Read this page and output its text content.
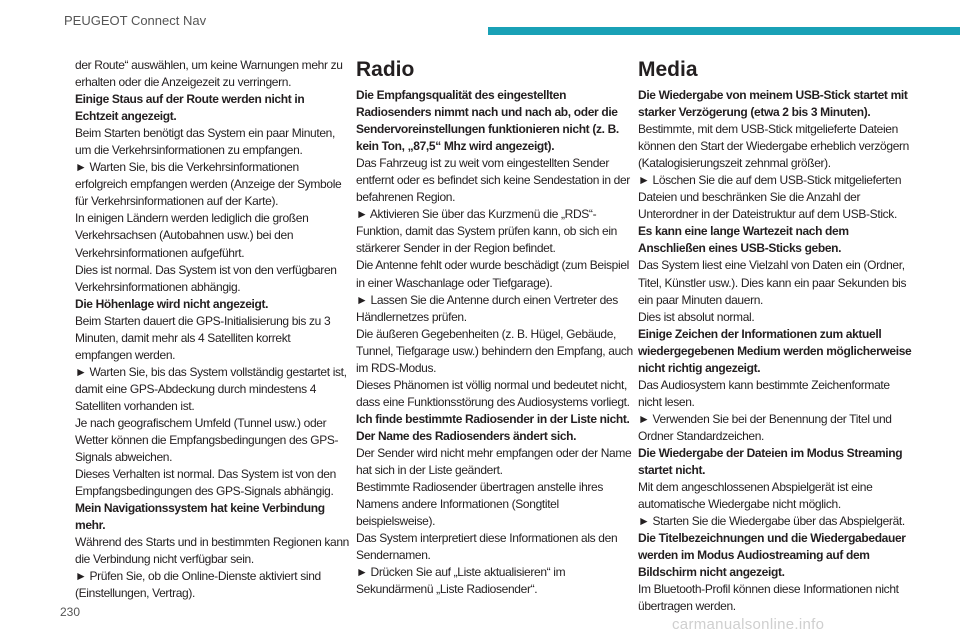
PEUGEOT Connect Nav

der Route“ auswählen, um keine Warnungen mehr zu erhalten oder die Anzeigezeit zu verringern.

Einige Staus auf der Route werden nicht in Echtzeit angezeigt.

Beim Starten benötigt das System ein paar Minuten, um die Verkehrsinformationen zu empfangen.

► Warten Sie, bis die Verkehrsinformationen erfolgreich empfangen werden (Anzeige der Symbole für Verkehrsinformationen auf der Karte).

In einigen Ländern werden lediglich die großen Verkehrsachsen (Autobahnen usw.) bei den Verkehrsinformationen aufgeführt.

Dies ist normal. Das System ist von den verfügbaren Verkehrsinformationen abhängig.

Die Höhenlage wird nicht angezeigt.

Beim Starten dauert die GPS-Initialisierung bis zu 3 Minuten, damit mehr als 4 Satelliten korrekt empfangen werden.

► Warten Sie, bis das System vollständig gestartet ist, damit eine GPS-Abdeckung durch mindestens 4 Satelliten vorhanden ist.

Je nach geografischem Umfeld (Tunnel usw.) oder Wetter können die Empfangsbedingungen des GPS-Signals abweichen.

Dieses Verhalten ist normal. Das System ist von den Empfangsbedingungen des GPS-Signals abhängig.

Mein Navigationssystem hat keine Verbindung mehr.

Während des Starts und in bestimmten Regionen kann die Verbindung nicht verfügbar sein.

► Prüfen Sie, ob die Online-Dienste aktiviert sind (Einstellungen, Vertrag).

Radio

Die Empfangsqualität des eingestellten Radiosenders nimmt nach und nach ab, oder die Sendervoreinstellungen funktionieren nicht (z. B. kein Ton, „87,5“ Mhz wird angezeigt).

Das Fahrzeug ist zu weit vom eingestellten Sender entfernt oder es befindet sich keine Sendestation in der befahrenen Region.

► Aktivieren Sie über das Kurzmenü die „RDS“-Funktion, damit das System prüfen kann, ob sich ein stärkerer Sender in der Region befindet.

Die Antenne fehlt oder wurde beschädigt (zum Beispiel in einer Waschanlage oder Tiefgarage).

► Lassen Sie die Antenne durch einen Vertreter des Händlernetzes prüfen.

Die äußeren Gegebenheiten (z. B. Hügel, Gebäude, Tunnel, Tiefgarage usw.) behindern den Empfang, auch im RDS-Modus.

Dieses Phänomen ist völlig normal und bedeutet nicht, dass eine Funktionsstörung des Audiosystems vorliegt.

Ich finde bestimmte Radiosender in der Liste nicht. Der Name des Radiosenders ändert sich.

Der Sender wird nicht mehr empfangen oder der Name hat sich in der Liste geändert.

Bestimmte Radiosender übertragen anstelle ihres Namens andere Informationen (Songtitel beispielsweise).

Das System interpretiert diese Informationen als den Sendernamen.

► Drücken Sie auf „Liste aktualisieren“ im Sekundärmenü „Liste Radiosender“.

Media

Die Wiedergabe von meinem USB-Stick startet mit starker Verzögerung (etwa 2 bis 3 Minuten).

Bestimmte, mit dem USB-Stick mitgelieferte Dateien können den Start der Wiedergabe erheblich verzögern (Katalogisierungszeit zehnmal größer).

► Löschen Sie die auf dem USB-Stick mitgelieferten Dateien und beschränken Sie die Anzahl der Unterordner in der Dateistruktur auf dem USB-Stick.

Es kann eine lange Wartezeit nach dem Anschließen eines USB-Sticks geben.

Das System liest eine Vielzahl von Daten ein (Ordner, Titel, Künstler usw.). Dies kann ein paar Sekunden bis ein paar Minuten dauern.

Dies ist absolut normal.

Einige Zeichen der Informationen zum aktuell wiedergegebenen Medium werden möglicherweise nicht richtig angezeigt.

Das Audiosystem kann bestimmte Zeichenformate nicht lesen.

► Verwenden Sie bei der Benennung der Titel und Ordner Standardzeichen.

Die Wiedergabe der Dateien im Modus Streaming startet nicht.

Mit dem angeschlossenen Abspielgerät ist eine automatische Wiedergabe nicht möglich.

► Starten Sie die Wiedergabe über das Abspielgerät.

Die Titelbezeichnungen und die Wiedergabedauer werden im Modus Audiostreaming auf dem Bildschirm nicht angezeigt.

Im Bluetooth-Profil können diese Informationen nicht übertragen werden.

230
carmanualsonline.info
